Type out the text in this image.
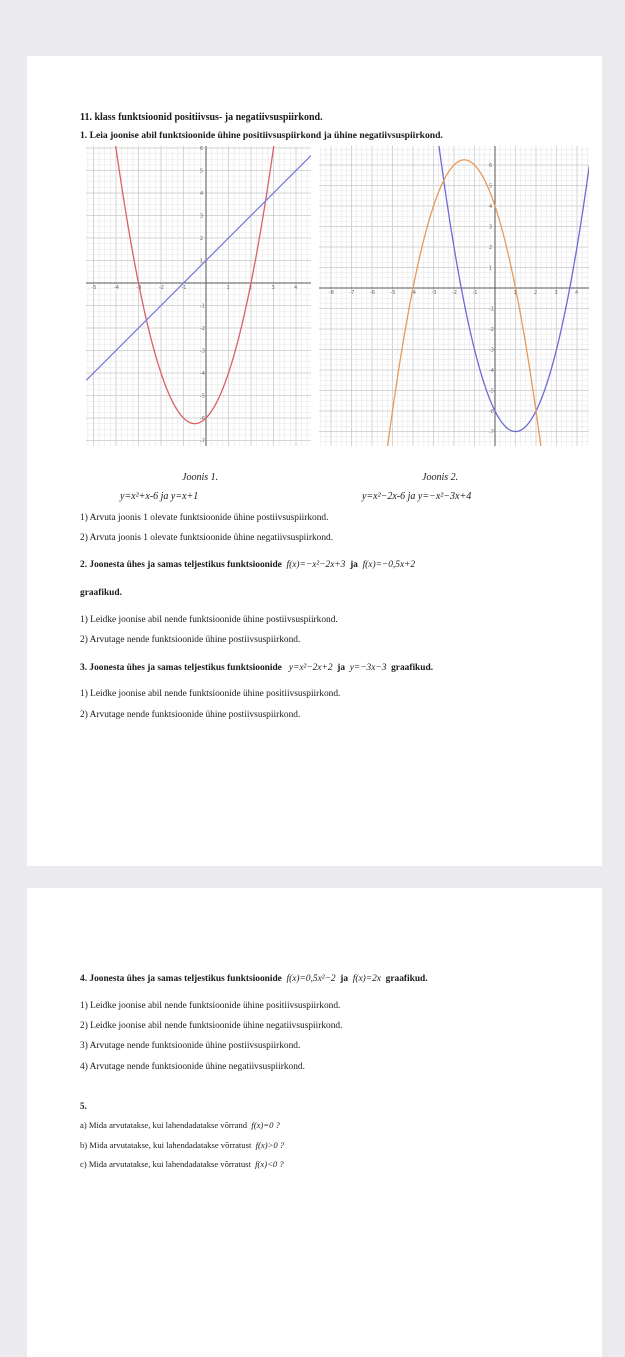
11. klass funktsioonid positiivsus- ja negatiivsuspiirkond.
1. Leia joonise abil funktsioonide ühine positiivsuspiirkond ja ühine negatiivsuspiirkond.
-5	-4	-3	-2	-1	1	2	3	4
-7
-6
-5
-4
-3
-2
-1
1
2
3
4
5
6
-8	-7	-6	-5	-4	-3	-2	-1	1	2	3	4
-7
-6
-5
-4
-3
-2
-1
1
2
3
4
5
6
Joonis 1.
y=x²+x-6 ja y=x+1
Joonis 2.
y=x²−2x-6 ja y=−x²−3x+4
1) Arvuta joonis 1 olevate funktsioonide ühine postiivsuspiirkond.
2) Arvuta joonis 1 olevate funktsioonide ühine negatiivsuspiirkond.
2. Joonesta ühes ja samas teljestikus funktsioonide f(x)=−x²−2x+3 ja f(x)=−0,5x+2
graafikud.
1) Leidke joonise abil nende funktsioonide ühine postiivsuspiirkond.
2) Arvutage nende funktsioonide ühine postiivsuspiirkond.
3. Joonesta ühes ja samas teljestikus funktsioonide y=x²−2x+2 ja y=−3x−3 graafikud.
1) Leidke joonise abil nende funktsioonide ühine positiivsuspiirkond.
2) Arvutage nende funktsioonide ühine postiivsuspiirkond.
4. Joonesta ühes ja samas teljestikus funktsioonide f(x)=0,5x²−2 ja f(x)=2x graafikud.
1) Leidke joonise abil nende funktsioonide ühine positiivsuspiirkond.
2) Leidke joonise abil nende funktsioonide ühine negatiivsuspiirkond.
3) Arvutage nende funktsioonide ühine postiivsuspiirkond.
4) Arvutage nende funktsioonide ühine negatiivsuspiirkond.
5.
a) Mida arvutatakse, kui lahendadatakse võrrand f(x)=0 ?
b) Mida arvutatakse, kui lahendadatakse võrratust f(x)>0 ?
c) Mida arvutatakse, kui lahendadatakse võrratust f(x)<0 ?
